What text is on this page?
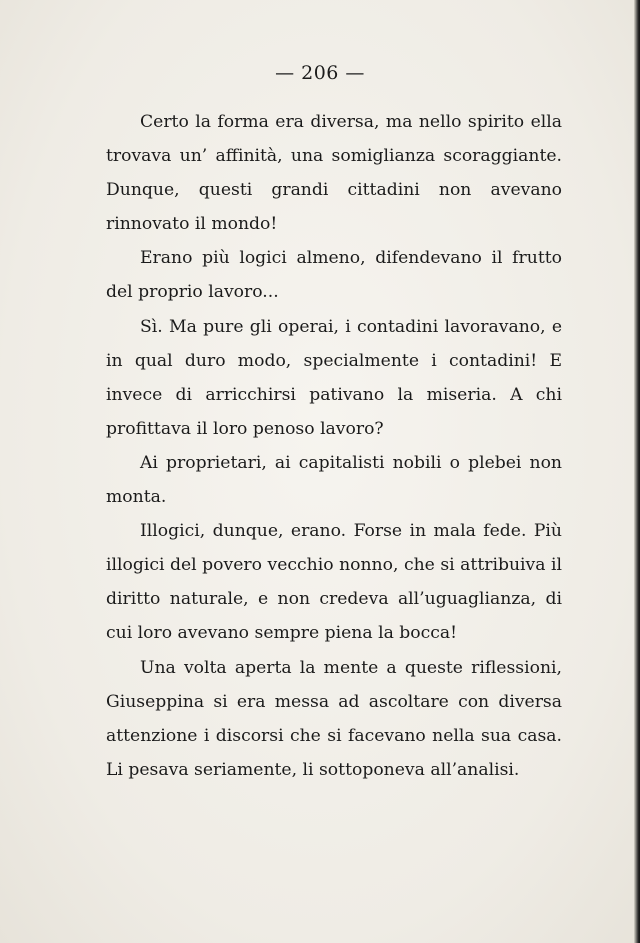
— 206 —

Certo la forma era diversa, ma nello spirito ella trovava un’ affinità, una somiglianza scoraggiante. Dunque, questi grandi cittadini non avevano rinnovato il mondo!

Erano più logici almeno, difendevano il frutto del proprio lavoro...

Sì. Ma pure gli operai, i contadini lavoravano, e in qual duro modo, specialmente i contadini! E invece di arricchirsi pativano la miseria. A chi profittava il loro penoso lavoro?

Ai proprietari, ai capitalisti nobili o plebei non monta.

Illogici, dunque, erano. Forse in mala fede. Più illogici del povero vecchio nonno, che si attribuiva il diritto naturale, e non credeva all’uguaglianza, di cui loro avevano sempre piena la bocca!

Una volta aperta la mente a queste riflessioni, Giuseppina si era messa ad ascoltare con diversa attenzione i discorsi che si facevano nella sua casa. Li pesava seriamente, li sottoponeva all’analisi.
